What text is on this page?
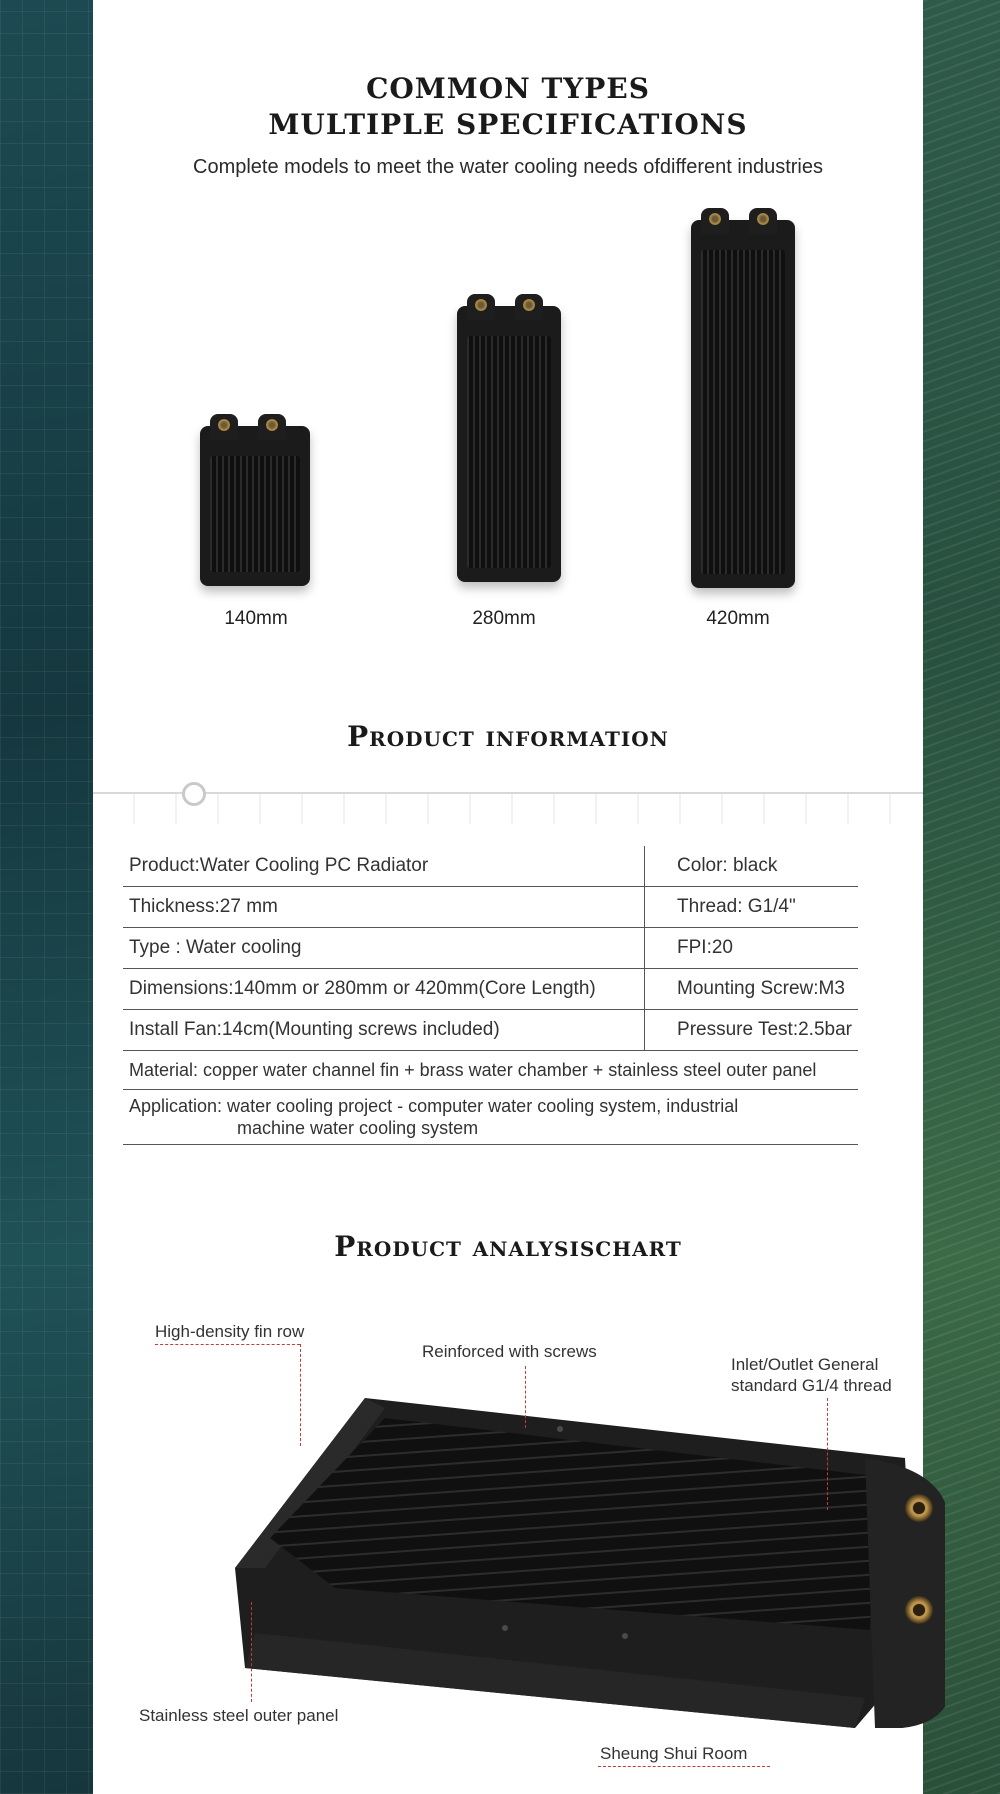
COMMON TYPES
MULTIPLE SPECIFICATIONS
Complete models to meet the water cooling needs ofdifferent industries
140mm	280mm	420mm
Product information
Product:Water Cooling PC Radiator	Color: black
Thickness:27 mm	Thread: G1/4"
Type : Water cooling	FPI:20
Dimensions:140mm or 280mm or 420mm(Core Length)	Mounting Screw:M3
Install Fan:14cm(Mounting screws included)	Pressure Test:2.5bar
Material: copper water channel fin + brass water chamber + stainless steel outer panel	

Application: water cooling project - computer water cooling system, industrial
machine water cooling system	
Product analysischart
High-density fin row
Reinforced with screws
Inlet/Outlet General
standard G1/4 thread
Stainless steel outer panel
Sheung Shui Room
